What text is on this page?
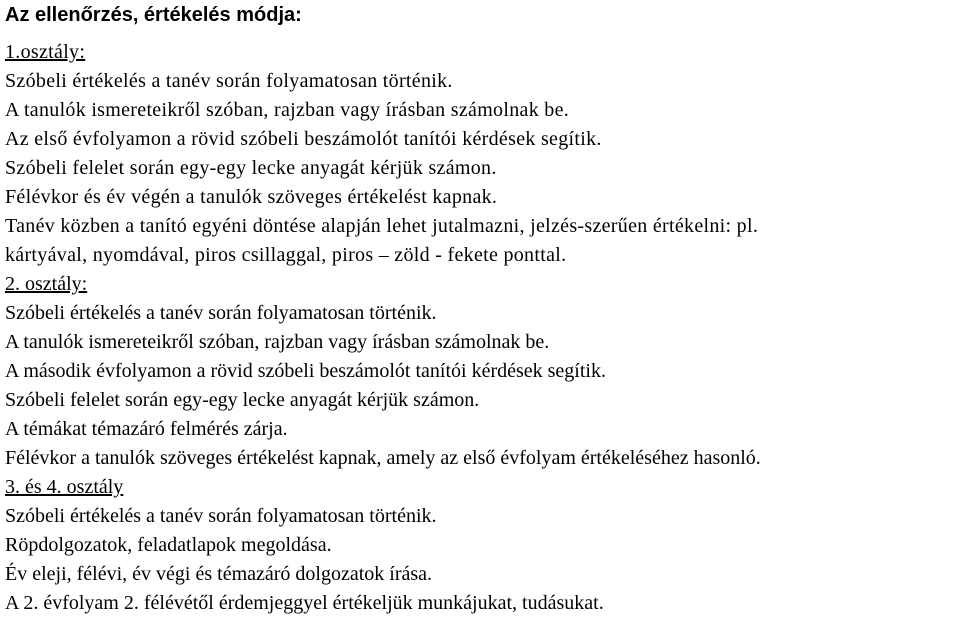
Az ellenőrzés, értékelés módja:
1.osztály:
Szóbeli értékelés a tanév során folyamatosan történik.
A tanulók ismereteikről szóban, rajzban vagy írásban számolnak be.
Az első évfolyamon a rövid szóbeli beszámolót tanítói kérdések segítik.
Szóbeli felelet során egy-egy lecke anyagát kérjük számon.
Félévkor és év végén a tanulók szöveges értékelést kapnak.
Tanév közben a tanító egyéni döntése alapján lehet jutalmazni, jelzés-szerűen értékelni: pl.
kártyával, nyomdával, piros csillaggal, piros – zöld - fekete ponttal.
2. osztály:
Szóbeli értékelés a tanév során folyamatosan történik.
A tanulók ismereteikről szóban, rajzban vagy írásban számolnak be.
A második évfolyamon a rövid szóbeli beszámolót tanítói kérdések segítik.
Szóbeli felelet során egy-egy lecke anyagát kérjük számon.
A témákat témazáró felmérés zárja.
Félévkor a tanulók szöveges értékelést kapnak, amely az első évfolyam értékeléséhez hasonló.
3. és 4. osztály
Szóbeli értékelés a tanév során folyamatosan történik.
Röpdolgozatok, feladatlapok megoldása.
Év eleji, félévi, év végi és témazáró dolgozatok írása.
A 2. évfolyam 2. félévétől érdemjeggyel értékeljük munkájukat, tudásukat.
